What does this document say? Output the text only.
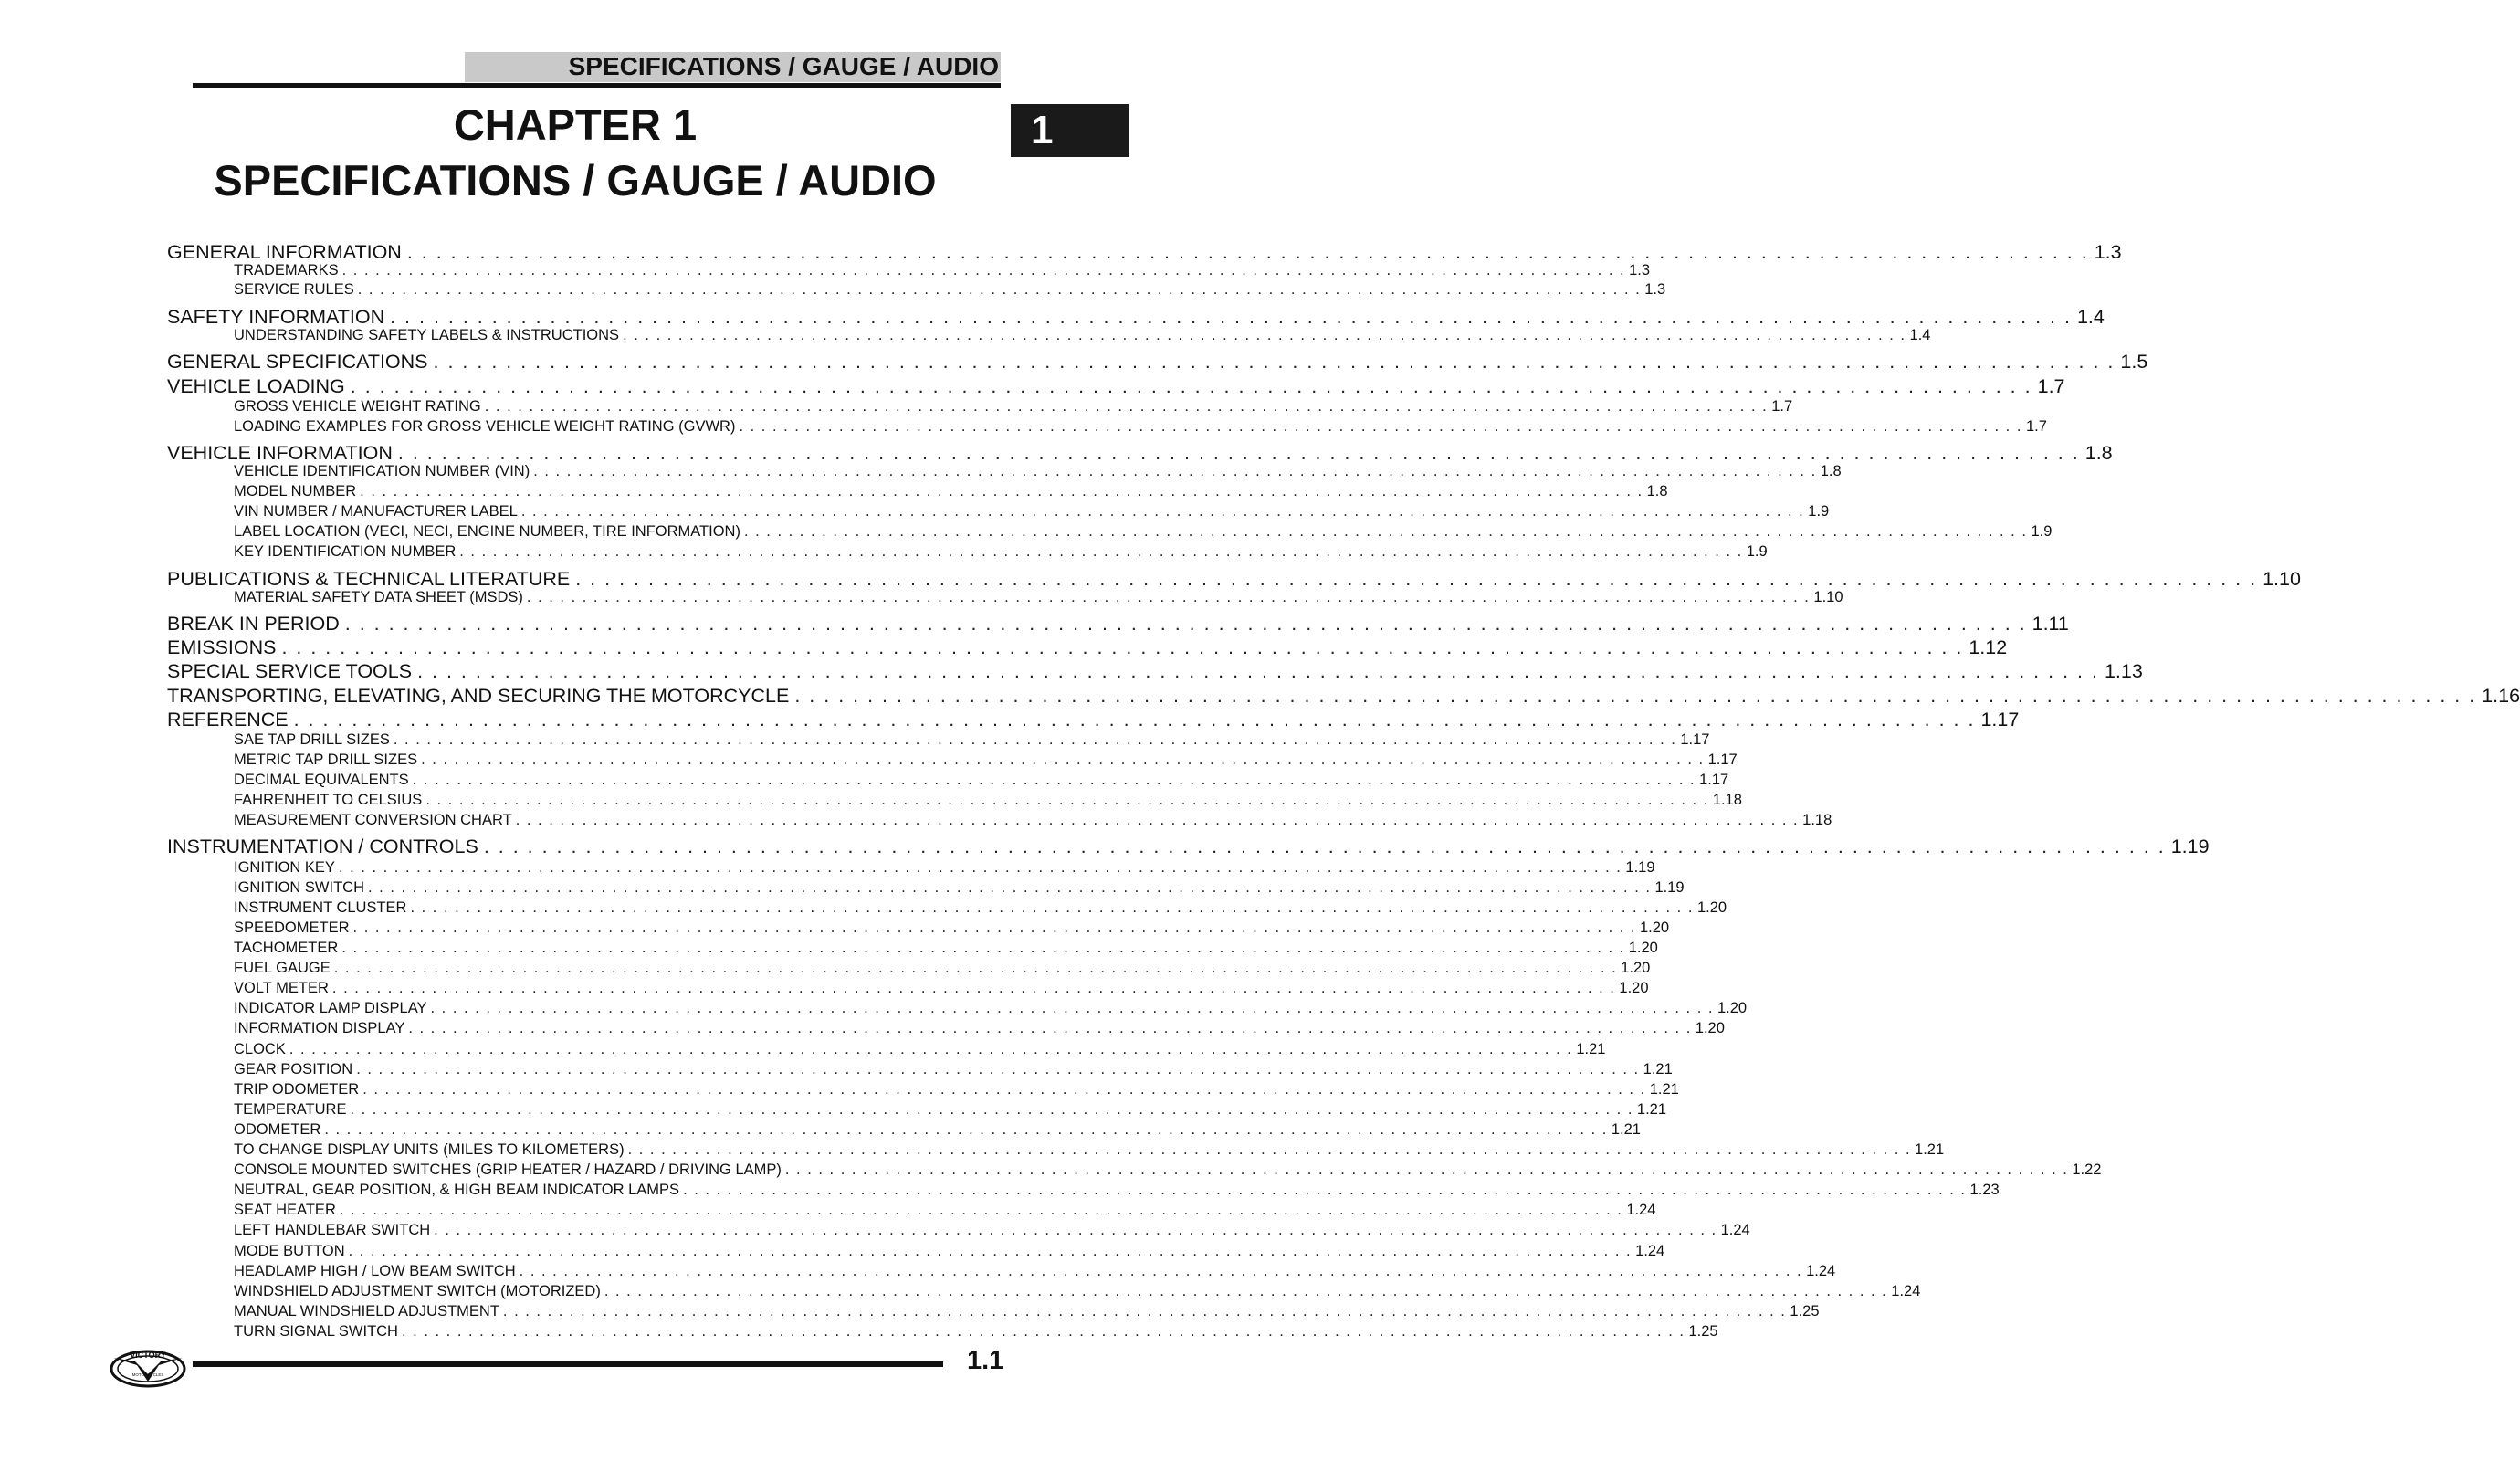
SPECIFICATIONS / GAUGE / AUDIO
1
CHAPTER 1
SPECIFICATIONS / GAUGE / AUDIO
GENERAL INFORMATION . . . . . . . . . . . . . . . . . . . . . . . . . . . . . . . . . . . . . . . . . . . . . . . . . . . . . . . . . . . . . . . . . . . . . . . . . . . . . . . . . . . . . . . . . . . . . . . . . . . . . . . . . . . . . . . . . . . . 1.3
TRADEMARKS . . . . . . . . . . . . . . . . . . . . . . . . . . . . . . . . . . . . . . . . . . . . . . . . . . . . . . . . . . . . . . . . . . . . . . . . . . . . . . . . . . . . . . . . . . . . . . . . . . . . . . . . . . . . . . . . . . . . 1.3
SERVICE RULES . . . . . . . . . . . . . . . . . . . . . . . . . . . . . . . . . . . . . . . . . . . . . . . . . . . . . . . . . . . . . . . . . . . . . . . . . . . . . . . . . . . . . . . . . . . . . . . . . . . . . . . . . . . . . . . . . . . . 1.3
SAFETY INFORMATION . . . . . . . . . . . . . . . . . . . . . . . . . . . . . . . . . . . . . . . . . . . . . . . . . . . . . . . . . . . . . . . . . . . . . . . . . . . . . . . . . . . . . . . . . . . . . . . . . . . . . . . . . . . . . . . . . . . . 1.4
UNDERSTANDING SAFETY LABELS & INSTRUCTIONS . . . . . . . . . . . . . . . . . . . . . . . . . . . . . . . . . . . . . . . . . . . . . . . . . . . . . . . . . . . . . . . . . . . . . . . . . . . . . . . . . . . . . . . . . . . . . . . . . . . . . . . . . . . . . . . . . . . . 1.4
GENERAL SPECIFICATIONS . . . . . . . . . . . . . . . . . . . . . . . . . . . . . . . . . . . . . . . . . . . . . . . . . . . . . . . . . . . . . . . . . . . . . . . . . . . . . . . . . . . . . . . . . . . . . . . . . . . . . . . . . . . . . . . . . . . . 1.5
VEHICLE LOADING . . . . . . . . . . . . . . . . . . . . . . . . . . . . . . . . . . . . . . . . . . . . . . . . . . . . . . . . . . . . . . . . . . . . . . . . . . . . . . . . . . . . . . . . . . . . . . . . . . . . . . . . . . . . . . . . . . . . 1.7
GROSS VEHICLE WEIGHT RATING . . . . . . . . . . . . . . . . . . . . . . . . . . . . . . . . . . . . . . . . . . . . . . . . . . . . . . . . . . . . . . . . . . . . . . . . . . . . . . . . . . . . . . . . . . . . . . . . . . . . . . . . . . . . . . . . . . . . 1.7
LOADING EXAMPLES FOR GROSS VEHICLE WEIGHT RATING (GVWR) . . . . . . . . . . . . . . . . . . . . . . . . . . . . . . . . . . . . . . . . . . . . . . . . . . . . . . . . . . . . . . . . . . . . . . . . . . . . . . . . . . . . . . . . . . . . . . . . . . . . . . . . . . . . . . . . . . . . 1.7
VEHICLE INFORMATION . . . . . . . . . . . . . . . . . . . . . . . . . . . . . . . . . . . . . . . . . . . . . . . . . . . . . . . . . . . . . . . . . . . . . . . . . . . . . . . . . . . . . . . . . . . . . . . . . . . . . . . . . . . . . . . . . . . . 1.8
VEHICLE IDENTIFICATION NUMBER (VIN) . . . . . . . . . . . . . . . . . . . . . . . . . . . . . . . . . . . . . . . . . . . . . . . . . . . . . . . . . . . . . . . . . . . . . . . . . . . . . . . . . . . . . . . . . . . . . . . . . . . . . . . . . . . . . . . . . . . . 1.8
MODEL NUMBER . . . . . . . . . . . . . . . . . . . . . . . . . . . . . . . . . . . . . . . . . . . . . . . . . . . . . . . . . . . . . . . . . . . . . . . . . . . . . . . . . . . . . . . . . . . . . . . . . . . . . . . . . . . . . . . . . . . . 1.8
VIN NUMBER / MANUFACTURER LABEL . . . . . . . . . . . . . . . . . . . . . . . . . . . . . . . . . . . . . . . . . . . . . . . . . . . . . . . . . . . . . . . . . . . . . . . . . . . . . . . . . . . . . . . . . . . . . . . . . . . . . . . . . . . . . . . . . . . . 1.9
LABEL LOCATION (VECI, NECI, ENGINE NUMBER, TIRE INFORMATION) . . . . . . . . . . . . . . . . . . . . . . . . . . . . . . . . . . . . . . . . . . . . . . . . . . . . . . . . . . . . . . . . . . . . . . . . . . . . . . . . . . . . . . . . . . . . . . . . . . . . . . . . . . . . . . . . . . . . 1.9
KEY IDENTIFICATION NUMBER . . . . . . . . . . . . . . . . . . . . . . . . . . . . . . . . . . . . . . . . . . . . . . . . . . . . . . . . . . . . . . . . . . . . . . . . . . . . . . . . . . . . . . . . . . . . . . . . . . . . . . . . . . . . . . . . . . . . 1.9
PUBLICATIONS & TECHNICAL LITERATURE . . . . . . . . . . . . . . . . . . . . . . . . . . . . . . . . . . . . . . . . . . . . . . . . . . . . . . . . . . . . . . . . . . . . . . . . . . . . . . . . . . . . . . . . . . . . . . . . . . . . . . . . . . . . . . . . . . . . 1.10
MATERIAL SAFETY DATA SHEET (MSDS) . . . . . . . . . . . . . . . . . . . . . . . . . . . . . . . . . . . . . . . . . . . . . . . . . . . . . . . . . . . . . . . . . . . . . . . . . . . . . . . . . . . . . . . . . . . . . . . . . . . . . . . . . . . . . . . . . . . . 1.10
BREAK IN PERIOD . . . . . . . . . . . . . . . . . . . . . . . . . . . . . . . . . . . . . . . . . . . . . . . . . . . . . . . . . . . . . . . . . . . . . . . . . . . . . . . . . . . . . . . . . . . . . . . . . . . . . . . . . . . . . . . . . . . . 1.11
EMISSIONS . . . . . . . . . . . . . . . . . . . . . . . . . . . . . . . . . . . . . . . . . . . . . . . . . . . . . . . . . . . . . . . . . . . . . . . . . . . . . . . . . . . . . . . . . . . . . . . . . . . . . . . . . . . . . . . . . . . . 1.12
SPECIAL SERVICE TOOLS . . . . . . . . . . . . . . . . . . . . . . . . . . . . . . . . . . . . . . . . . . . . . . . . . . . . . . . . . . . . . . . . . . . . . . . . . . . . . . . . . . . . . . . . . . . . . . . . . . . . . . . . . . . . . . . . . . . . 1.13
TRANSPORTING, ELEVATING, AND SECURING THE MOTORCYCLE . . . . . . . . . . . . . . . . . . . . . . . . . . . . . . . . . . . . . . . . . . . . . . . . . . . . . . . . . . . . . . . . . . . . . . . . . . . . . . . . . . . . . . . . . . . . . . . . . . . . . . . . . . . . . . . . . . . . 1.16
REFERENCE . . . . . . . . . . . . . . . . . . . . . . . . . . . . . . . . . . . . . . . . . . . . . . . . . . . . . . . . . . . . . . . . . . . . . . . . . . . . . . . . . . . . . . . . . . . . . . . . . . . . . . . . . . . . . . . . . . . . 1.17
SAE TAP DRILL SIZES . . . . . . . . . . . . . . . . . . . . . . . . . . . . . . . . . . . . . . . . . . . . . . . . . . . . . . . . . . . . . . . . . . . . . . . . . . . . . . . . . . . . . . . . . . . . . . . . . . . . . . . . . . . . . . . . . . . . 1.17
METRIC TAP DRILL SIZES . . . . . . . . . . . . . . . . . . . . . . . . . . . . . . . . . . . . . . . . . . . . . . . . . . . . . . . . . . . . . . . . . . . . . . . . . . . . . . . . . . . . . . . . . . . . . . . . . . . . . . . . . . . . . . . . . . . . 1.17
DECIMAL EQUIVALENTS . . . . . . . . . . . . . . . . . . . . . . . . . . . . . . . . . . . . . . . . . . . . . . . . . . . . . . . . . . . . . . . . . . . . . . . . . . . . . . . . . . . . . . . . . . . . . . . . . . . . . . . . . . . . . . . . . . . . 1.17
FAHRENHEIT TO CELSIUS . . . . . . . . . . . . . . . . . . . . . . . . . . . . . . . . . . . . . . . . . . . . . . . . . . . . . . . . . . . . . . . . . . . . . . . . . . . . . . . . . . . . . . . . . . . . . . . . . . . . . . . . . . . . . . . . . . . . 1.18
MEASUREMENT CONVERSION CHART . . . . . . . . . . . . . . . . . . . . . . . . . . . . . . . . . . . . . . . . . . . . . . . . . . . . . . . . . . . . . . . . . . . . . . . . . . . . . . . . . . . . . . . . . . . . . . . . . . . . . . . . . . . . . . . . . . . . 1.18
INSTRUMENTATION / CONTROLS . . . . . . . . . . . . . . . . . . . . . . . . . . . . . . . . . . . . . . . . . . . . . . . . . . . . . . . . . . . . . . . . . . . . . . . . . . . . . . . . . . . . . . . . . . . . . . . . . . . . . . . . . . . . . . . . . . . . 1.19
IGNITION KEY . . . . . . . . . . . . . . . . . . . . . . . . . . . . . . . . . . . . . . . . . . . . . . . . . . . . . . . . . . . . . . . . . . . . . . . . . . . . . . . . . . . . . . . . . . . . . . . . . . . . . . . . . . . . . . . . . . . . 1.19
IGNITION SWITCH . . . . . . . . . . . . . . . . . . . . . . . . . . . . . . . . . . . . . . . . . . . . . . . . . . . . . . . . . . . . . . . . . . . . . . . . . . . . . . . . . . . . . . . . . . . . . . . . . . . . . . . . . . . . . . . . . . . . 1.19
INSTRUMENT CLUSTER . . . . . . . . . . . . . . . . . . . . . . . . . . . . . . . . . . . . . . . . . . . . . . . . . . . . . . . . . . . . . . . . . . . . . . . . . . . . . . . . . . . . . . . . . . . . . . . . . . . . . . . . . . . . . . . . . . . . 1.20
SPEEDOMETER . . . . . . . . . . . . . . . . . . . . . . . . . . . . . . . . . . . . . . . . . . . . . . . . . . . . . . . . . . . . . . . . . . . . . . . . . . . . . . . . . . . . . . . . . . . . . . . . . . . . . . . . . . . . . . . . . . . . 1.20
TACHOMETER . . . . . . . . . . . . . . . . . . . . . . . . . . . . . . . . . . . . . . . . . . . . . . . . . . . . . . . . . . . . . . . . . . . . . . . . . . . . . . . . . . . . . . . . . . . . . . . . . . . . . . . . . . . . . . . . . . . . 1.20
FUEL GAUGE . . . . . . . . . . . . . . . . . . . . . . . . . . . . . . . . . . . . . . . . . . . . . . . . . . . . . . . . . . . . . . . . . . . . . . . . . . . . . . . . . . . . . . . . . . . . . . . . . . . . . . . . . . . . . . . . . . . . 1.20
VOLT METER . . . . . . . . . . . . . . . . . . . . . . . . . . . . . . . . . . . . . . . . . . . . . . . . . . . . . . . . . . . . . . . . . . . . . . . . . . . . . . . . . . . . . . . . . . . . . . . . . . . . . . . . . . . . . . . . . . . . 1.20
INDICATOR LAMP DISPLAY . . . . . . . . . . . . . . . . . . . . . . . . . . . . . . . . . . . . . . . . . . . . . . . . . . . . . . . . . . . . . . . . . . . . . . . . . . . . . . . . . . . . . . . . . . . . . . . . . . . . . . . . . . . . . . . . . . . . 1.20
INFORMATION DISPLAY . . . . . . . . . . . . . . . . . . . . . . . . . . . . . . . . . . . . . . . . . . . . . . . . . . . . . . . . . . . . . . . . . . . . . . . . . . . . . . . . . . . . . . . . . . . . . . . . . . . . . . . . . . . . . . . . . . . . 1.20
CLOCK . . . . . . . . . . . . . . . . . . . . . . . . . . . . . . . . . . . . . . . . . . . . . . . . . . . . . . . . . . . . . . . . . . . . . . . . . . . . . . . . . . . . . . . . . . . . . . . . . . . . . . . . . . . . . . . . . . . . 1.21
GEAR POSITION . . . . . . . . . . . . . . . . . . . . . . . . . . . . . . . . . . . . . . . . . . . . . . . . . . . . . . . . . . . . . . . . . . . . . . . . . . . . . . . . . . . . . . . . . . . . . . . . . . . . . . . . . . . . . . . . . . . . 1.21
TRIP ODOMETER . . . . . . . . . . . . . . . . . . . . . . . . . . . . . . . . . . . . . . . . . . . . . . . . . . . . . . . . . . . . . . . . . . . . . . . . . . . . . . . . . . . . . . . . . . . . . . . . . . . . . . . . . . . . . . . . . . . . 1.21
TEMPERATURE . . . . . . . . . . . . . . . . . . . . . . . . . . . . . . . . . . . . . . . . . . . . . . . . . . . . . . . . . . . . . . . . . . . . . . . . . . . . . . . . . . . . . . . . . . . . . . . . . . . . . . . . . . . . . . . . . . . . 1.21
ODOMETER . . . . . . . . . . . . . . . . . . . . . . . . . . . . . . . . . . . . . . . . . . . . . . . . . . . . . . . . . . . . . . . . . . . . . . . . . . . . . . . . . . . . . . . . . . . . . . . . . . . . . . . . . . . . . . . . . . . . 1.21
TO CHANGE DISPLAY UNITS (MILES TO KILOMETERS) . . . . . . . . . . . . . . . . . . . . . . . . . . . . . . . . . . . . . . . . . . . . . . . . . . . . . . . . . . . . . . . . . . . . . . . . . . . . . . . . . . . . . . . . . . . . . . . . . . . . . . . . . . . . . . . . . . . . 1.21
CONSOLE MOUNTED SWITCHES (GRIP HEATER / HAZARD / DRIVING LAMP) . . . . . . . . . . . . . . . . . . . . . . . . . . . . . . . . . . . . . . . . . . . . . . . . . . . . . . . . . . . . . . . . . . . . . . . . . . . . . . . . . . . . . . . . . . . . . . . . . . . . . . . . . . . . . . . . . . . . 1.22
NEUTRAL, GEAR POSITION, & HIGH BEAM INDICATOR LAMPS . . . . . . . . . . . . . . . . . . . . . . . . . . . . . . . . . . . . . . . . . . . . . . . . . . . . . . . . . . . . . . . . . . . . . . . . . . . . . . . . . . . . . . . . . . . . . . . . . . . . . . . . . . . . . . . . . . . . 1.23
SEAT HEATER . . . . . . . . . . . . . . . . . . . . . . . . . . . . . . . . . . . . . . . . . . . . . . . . . . . . . . . . . . . . . . . . . . . . . . . . . . . . . . . . . . . . . . . . . . . . . . . . . . . . . . . . . . . . . . . . . . . . 1.24
LEFT HANDLEBAR SWITCH . . . . . . . . . . . . . . . . . . . . . . . . . . . . . . . . . . . . . . . . . . . . . . . . . . . . . . . . . . . . . . . . . . . . . . . . . . . . . . . . . . . . . . . . . . . . . . . . . . . . . . . . . . . . . . . . . . . . 1.24
MODE BUTTON . . . . . . . . . . . . . . . . . . . . . . . . . . . . . . . . . . . . . . . . . . . . . . . . . . . . . . . . . . . . . . . . . . . . . . . . . . . . . . . . . . . . . . . . . . . . . . . . . . . . . . . . . . . . . . . . . . . . 1.24
HEADLAMP HIGH / LOW BEAM SWITCH . . . . . . . . . . . . . . . . . . . . . . . . . . . . . . . . . . . . . . . . . . . . . . . . . . . . . . . . . . . . . . . . . . . . . . . . . . . . . . . . . . . . . . . . . . . . . . . . . . . . . . . . . . . . . . . . . . . . 1.24
WINDSHIELD ADJUSTMENT SWITCH (MOTORIZED) . . . . . . . . . . . . . . . . . . . . . . . . . . . . . . . . . . . . . . . . . . . . . . . . . . . . . . . . . . . . . . . . . . . . . . . . . . . . . . . . . . . . . . . . . . . . . . . . . . . . . . . . . . . . . . . . . . . . 1.24
MANUAL WINDSHIELD ADJUSTMENT . . . . . . . . . . . . . . . . . . . . . . . . . . . . . . . . . . . . . . . . . . . . . . . . . . . . . . . . . . . . . . . . . . . . . . . . . . . . . . . . . . . . . . . . . . . . . . . . . . . . . . . . . . . . . . . . . . . . 1.25
TURN SIGNAL SWITCH . . . . . . . . . . . . . . . . . . . . . . . . . . . . . . . . . . . . . . . . . . . . . . . . . . . . . . . . . . . . . . . . . . . . . . . . . . . . . . . . . . . . . . . . . . . . . . . . . . . . . . . . . . . . . . . . . . . . 1.25
VICTORY
MOTORCYCLES	1.1
